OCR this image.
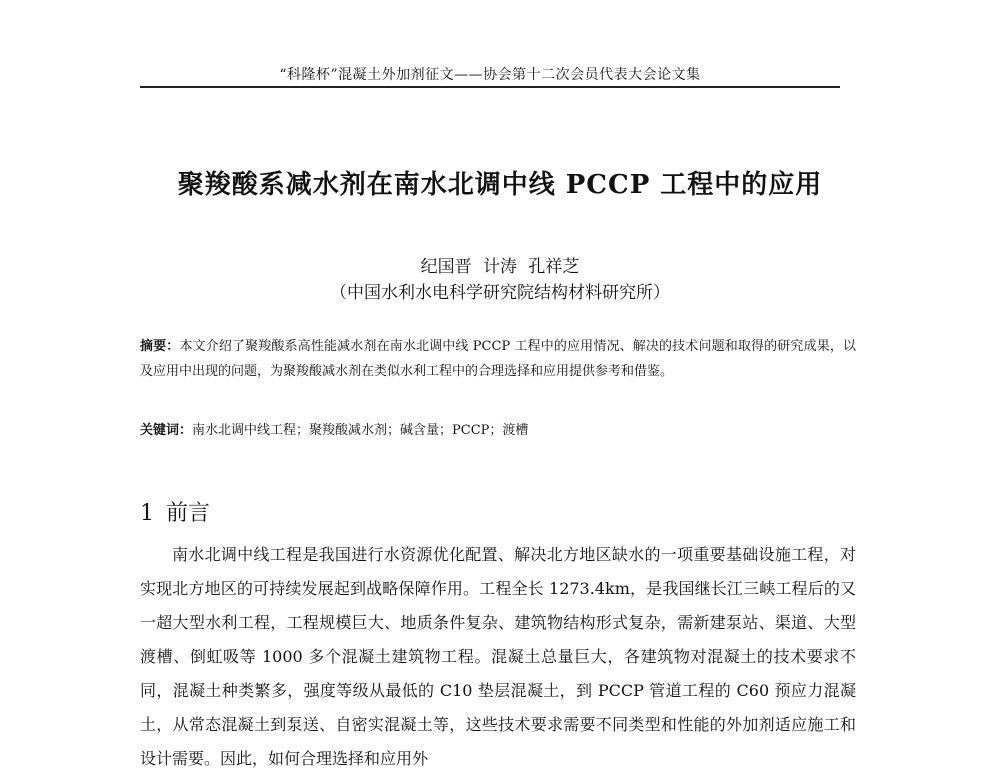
“科隆杯”混凝土外加剂征文——协会第十二次会员代表大会论文集
聚羧酸系减水剂在南水北调中线 PCCP 工程中的应用
纪国晋 计涛 孔祥芝
（中国水利水电科学研究院结构材料研究所）
摘要：本文介绍了聚羧酸系高性能减水剂在南水北调中线 PCCP 工程中的应用情况、解决的技术问题和取得的研究成果，以及应用中出现的问题，为聚羧酸减水剂在类似水利工程中的合理选择和应用提供参考和借鉴。
关键词：南水北调中线工程；聚羧酸减水剂；碱含量；PCCP；渡槽
1 前言
南水北调中线工程是我国进行水资源优化配置、解决北方地区缺水的一项重要基础设施工程，对实现北方地区的可持续发展起到战略保障作用。工程全长 1273.4km，是我国继长江三峡工程后的又一超大型水利工程，工程规模巨大、地质条件复杂、建筑物结构形式复杂，需新建泵站、渠道、大型渡槽、倒虹吸等 1000 多个混凝土建筑物工程。混凝土总量巨大，各建筑物对混凝土的技术要求不同，混凝土种类繁多，强度等级从最低的 C10 垫层混凝土，到 PCCP 管道工程的 C60 预应力混凝土，从常态混凝土到泵送、自密实混凝土等，这些技术要求需要不同类型和性能的外加剂适应施工和设计需要。因此，如何合理选择和应用外
